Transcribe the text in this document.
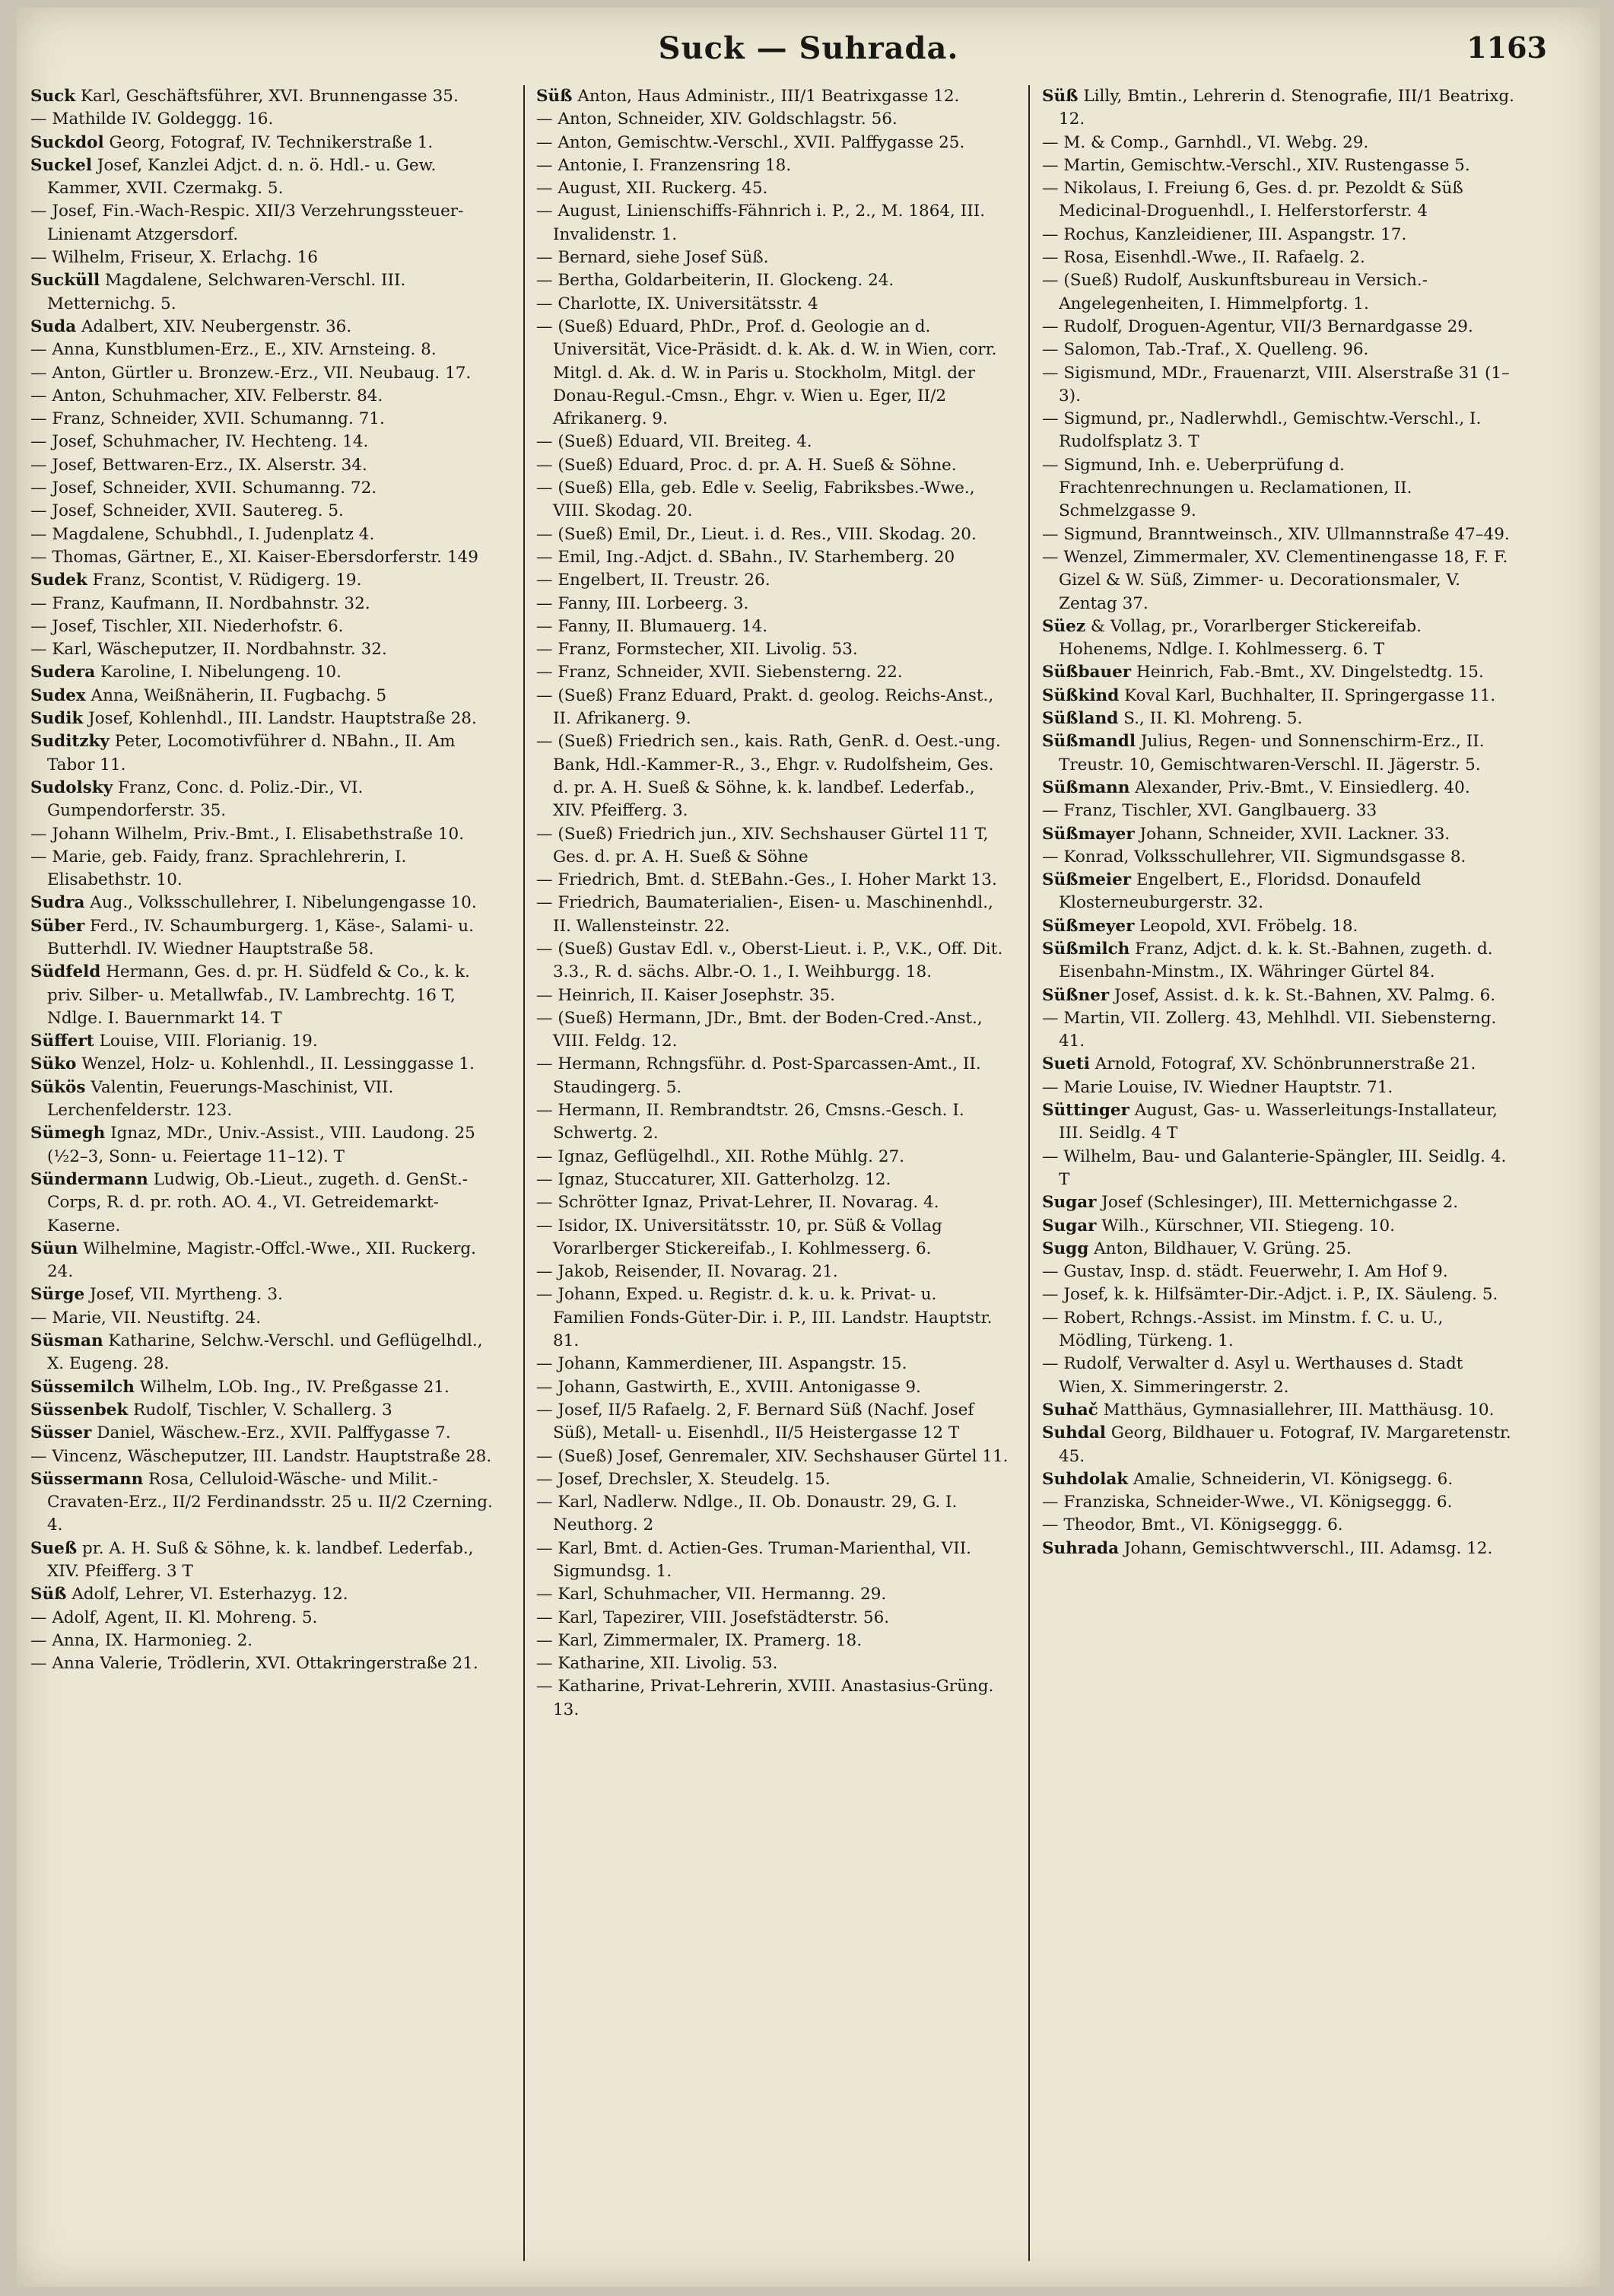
Suck — Suhrada.	1163
Suck Karl, Geschäftsführer, XVI. Brunnengasse 35.
— Mathilde IV. Goldeggg. 16.
Suckdol Georg, Fotograf, IV. Technikerstraße 1.
Suckel Josef, Kanzlei Adjct. d. n. ö. Hdl.- u. Gew. Kammer, XVII. Czermakg. 5.
— Josef, Fin.-Wach-Respic. XII/3 Verzehrungssteuer-Linienamt Atzgersdorf.
— Wilhelm, Friseur, X. Erlachg. 16
Sucküll Magdalene, Selchwaren-Verschl. III. Metternichg. 5.
Suda Adalbert, XIV. Neubergenstr. 36.
— Anna, Kunstblumen-Erz., E., XIV. Arnsteing. 8.
— Anton, Gürtler u. Bronzew.-Erz., VII. Neubaug. 17.
— Anton, Schuhmacher, XIV. Felberstr. 84.
— Franz, Schneider, XVII. Schumanng. 71.
— Josef, Schuhmacher, IV. Hechteng. 14.
— Josef, Bettwaren-Erz., IX. Alserstr. 34.
— Josef, Schneider, XVII. Schumanng. 72.
— Josef, Schneider, XVII. Sautereg. 5.
— Magdalene, Schubhdl., I. Judenplatz 4.
— Thomas, Gärtner, E., XI. Kaiser-Ebersdorferstr. 149
Sudek Franz, Scontist, V. Rüdigerg. 19.
— Franz, Kaufmann, II. Nordbahnstr. 32.
— Josef, Tischler, XII. Niederhofstr. 6.
— Karl, Wäscheputzer, II. Nordbahnstr. 32.
Sudera Karoline, I. Nibelungeng. 10.
Sudex Anna, Weißnäherin, II. Fugbachg. 5
Sudik Josef, Kohlenhdl., III. Landstr. Hauptstraße 28.
Suditzky Peter, Locomotivführer d. NBahn., II. Am Tabor 11.
Sudolsky Franz, Conc. d. Poliz.-Dir., VI. Gumpendorferstr. 35.
— Johann Wilhelm, Priv.-Bmt., I. Elisabethstraße 10.
— Marie, geb. Faidy, franz. Sprachlehrerin, I. Elisabethstr. 10.
Sudra Aug., Volksschullehrer, I. Nibelungengasse 10.
Süber Ferd., IV. Schaumburgerg. 1, Käse-, Salami- u. Butterhdl. IV. Wiedner Hauptstraße 58.
Südfeld Hermann, Ges. d. pr. H. Südfeld & Co., k. k. priv. Silber- u. Metallwfab., IV. Lambrechtg. 16 T, Ndlge. I. Bauernmarkt 14. T
Süffert Louise, VIII. Florianig. 19.
Süko Wenzel, Holz- u. Kohlenhdl., II. Lessinggasse 1.
Sükös Valentin, Feuerungs-Maschinist, VII. Lerchenfelderstr. 123.
Sümegh Ignaz, MDr., Univ.-Assist., VIII. Laudong. 25 (½2–3, Sonn- u. Feiertage 11–12). T
Sündermann Ludwig, Ob.-Lieut., zugeth. d. GenSt.-Corps, R. d. pr. roth. AO. 4., VI. Getreidemarkt-Kaserne.
Süun Wilhelmine, Magistr.-Offcl.-Wwe., XII. Ruckerg. 24.
Sürge Josef, VII. Myrtheng. 3.
— Marie, VII. Neustiftg. 24.
Süsman Katharine, Selchw.-Verschl. und Geflügelhdl., X. Eugeng. 28.
Süssemilch Wilhelm, LOb. Ing., IV. Preßgasse 21.
Süssenbek Rudolf, Tischler, V. Schallerg. 3
Süsser Daniel, Wäschew.-Erz., XVII. Palffygasse 7.
— Vincenz, Wäscheputzer, III. Landstr. Hauptstraße 28.
Süssermann Rosa, Celluloid-Wäsche- und Milit.-Cravaten-Erz., II/2 Ferdinandsstr. 25 u. II/2 Czerning. 4.
Sueß pr. A. H. Suß & Söhne, k. k. landbef. Lederfab., XIV. Pfeifferg. 3 T
Süß Adolf, Lehrer, VI. Esterhazyg. 12.
— Adolf, Agent, II. Kl. Mohreng. 5.
— Anna, IX. Harmonieg. 2.
— Anna Valerie, Trödlerin, XVI. Ottakringerstraße 21.
Süß Anton, Haus Administr., III/1 Beatrixgasse 12.
— Anton, Schneider, XIV. Goldschlagstr. 56.
— Anton, Gemischtw.-Verschl., XVII. Palffygasse 25.
— Antonie, I. Franzensring 18.
— August, XII. Ruckerg. 45.
— August, Linienschiffs-Fähnrich i. P., 2., M. 1864, III. Invalidenstr. 1.
— Bernard, siehe Josef Süß.
— Bertha, Goldarbeiterin, II. Glockeng. 24.
— Charlotte, IX. Universitätsstr. 4
— (Sueß) Eduard, PhDr., Prof. d. Geologie an d. Universität, Vice-Präsidt. d. k. Ak. d. W. in Wien, corr. Mitgl. d. Ak. d. W. in Paris u. Stockholm, Mitgl. der Donau-Regul.-Cmsn., Ehgr. v. Wien u. Eger, II/2 Afrikanerg. 9.
— (Sueß) Eduard, VII. Breiteg. 4.
— (Sueß) Eduard, Proc. d. pr. A. H. Sueß & Söhne.
— (Sueß) Ella, geb. Edle v. Seelig, Fabriksbes.-Wwe., VIII. Skodag. 20.
— (Sueß) Emil, Dr., Lieut. i. d. Res., VIII. Skodag. 20.
— Emil, Ing.-Adjct. d. SBahn., IV. Starhemberg. 20
— Engelbert, II. Treustr. 26.
— Fanny, III. Lorbeerg. 3.
— Fanny, II. Blumauerg. 14.
— Franz, Formstecher, XII. Livolig. 53.
— Franz, Schneider, XVII. Siebensterng. 22.
— (Sueß) Franz Eduard, Prakt. d. geolog. Reichs-Anst., II. Afrikanerg. 9.
— (Sueß) Friedrich sen., kais. Rath, GenR. d. Oest.-ung. Bank, Hdl.-Kammer-R., 3., Ehgr. v. Rudolfsheim, Ges. d. pr. A. H. Sueß & Söhne, k. k. landbef. Lederfab., XIV. Pfeifferg. 3.
— (Sueß) Friedrich jun., XIV. Sechshauser Gürtel 11 T, Ges. d. pr. A. H. Sueß & Söhne
— Friedrich, Bmt. d. StEBahn.-Ges., I. Hoher Markt 13.
— Friedrich, Baumaterialien-, Eisen- u. Maschinenhdl., II. Wallensteinstr. 22.
— (Sueß) Gustav Edl. v., Oberst-Lieut. i. P., V.K., Off. Dit. 3.3., R. d. sächs. Albr.-O. 1., I. Weihburgg. 18.
— Heinrich, II. Kaiser Josephstr. 35.
— (Sueß) Hermann, JDr., Bmt. der Boden-Cred.-Anst., VIII. Feldg. 12.
— Hermann, Rchngsführ. d. Post-Sparcassen-Amt., II. Staudingerg. 5.
— Hermann, II. Rembrandtstr. 26, Cmsns.-Gesch. I. Schwertg. 2.
— Ignaz, Geflügelhdl., XII. Rothe Mühlg. 27.
— Ignaz, Stuccaturer, XII. Gatterholzg. 12.
— Schrötter Ignaz, Privat-Lehrer, II. Novarag. 4.
— Isidor, IX. Universitätsstr. 10, pr. Süß & Vollag Vorarlberger Stickereifab., I. Kohlmesserg. 6.
— Jakob, Reisender, II. Novarag. 21.
— Johann, Exped. u. Registr. d. k. u. k. Privat- u. Familien Fonds-Güter-Dir. i. P., III. Landstr. Hauptstr. 81.
— Johann, Kammerdiener, III. Aspangstr. 15.
— Johann, Gastwirth, E., XVIII. Antonigasse 9.
— Josef, II/5 Rafaelg. 2, F. Bernard Süß (Nachf. Josef Süß), Metall- u. Eisenhdl., II/5 Heistergasse 12 T
— (Sueß) Josef, Genremaler, XIV. Sechshauser Gürtel 11.
— Josef, Drechsler, X. Steudelg. 15.
— Karl, Nadlerw. Ndlge., II. Ob. Donaustr. 29, G. I. Neuthorg. 2
— Karl, Bmt. d. Actien-Ges. Truman-Marienthal, VII. Sigmundsg. 1.
— Karl, Schuhmacher, VII. Hermanng. 29.
— Karl, Tapezirer, VIII. Josefstädterstr. 56.
— Karl, Zimmermaler, IX. Pramerg. 18.
— Katharine, XII. Livolig. 53.
— Katharine, Privat-Lehrerin, XVIII. Anastasius-Grüng. 13.
Süß Lilly, Bmtin., Lehrerin d. Stenografie, III/1 Beatrixg. 12.
— M. & Comp., Garnhdl., VI. Webg. 29.
— Martin, Gemischtw.-Verschl., XIV. Rustengasse 5.
— Nikolaus, I. Freiung 6, Ges. d. pr. Pezoldt & Süß Medicinal-Droguenhdl., I. Helferstorferstr. 4
— Rochus, Kanzleidiener, III. Aspangstr. 17.
— Rosa, Eisenhdl.-Wwe., II. Rafaelg. 2.
— (Sueß) Rudolf, Auskunftsbureau in Versich.-Angelegenheiten, I. Himmelpfortg. 1.
— Rudolf, Droguen-Agentur, VII/3 Bernardgasse 29.
— Salomon, Tab.-Traf., X. Quelleng. 96.
— Sigismund, MDr., Frauenarzt, VIII. Alserstraße 31 (1–3).
— Sigmund, pr., Nadlerwhdl., Gemischtw.-Verschl., I. Rudolfsplatz 3. T
— Sigmund, Inh. e. Ueberprüfung d. Frachtenrechnungen u. Reclamationen, II. Schmelzgasse 9.
— Sigmund, Branntweinsch., XIV. Ullmannstraße 47–49.
— Wenzel, Zimmermaler, XV. Clementinengasse 18, F. F. Gizel & W. Süß, Zimmer- u. Decorationsmaler, V. Zentag 37.
Süez & Vollag, pr., Vorarlberger Stickereifab. Hohenems, Ndlge. I. Kohlmesserg. 6. T
Süßbauer Heinrich, Fab.-Bmt., XV. Dingelstedtg. 15.
Süßkind Koval Karl, Buchhalter, II. Springergasse 11.
Süßland S., II. Kl. Mohreng. 5.
Süßmandl Julius, Regen- und Sonnenschirm-Erz., II. Treustr. 10, Gemischtwaren-Verschl. II. Jägerstr. 5.
Süßmann Alexander, Priv.-Bmt., V. Einsiedlerg. 40.
— Franz, Tischler, XVI. Ganglbauerg. 33
Süßmayer Johann, Schneider, XVII. Lackner. 33.
— Konrad, Volksschullehrer, VII. Sigmundsgasse 8.
Süßmeier Engelbert, E., Floridsd. Donaufeld Klosterneuburgerstr. 32.
Süßmeyer Leopold, XVI. Fröbelg. 18.
Süßmilch Franz, Adjct. d. k. k. St.-Bahnen, zugeth. d. Eisenbahn-Minstm., IX. Währinger Gürtel 84.
Süßner Josef, Assist. d. k. k. St.-Bahnen, XV. Palmg. 6.
— Martin, VII. Zollerg. 43, Mehlhdl. VII. Siebensterng. 41.
Sueti Arnold, Fotograf, XV. Schönbrunnerstraße 21.
— Marie Louise, IV. Wiedner Hauptstr. 71.
Süttinger August, Gas- u. Wasserleitungs-Installateur, III. Seidlg. 4 T
— Wilhelm, Bau- und Galanterie-Spängler, III. Seidlg. 4. T
Sugar Josef (Schlesinger), III. Metternichgasse 2.
Sugar Wilh., Kürschner, VII. Stiegeng. 10.
Sugg Anton, Bildhauer, V. Grüng. 25.
— Gustav, Insp. d. städt. Feuerwehr, I. Am Hof 9.
— Josef, k. k. Hilfsämter-Dir.-Adjct. i. P., IX. Säuleng. 5.
— Robert, Rchngs.-Assist. im Minstm. f. C. u. U., Mödling, Türkeng. 1.
— Rudolf, Verwalter d. Asyl u. Werthauses d. Stadt Wien, X. Simmeringerstr. 2.
Suhač Matthäus, Gymnasiallehrer, III. Matthäusg. 10.
Suhdal Georg, Bildhauer u. Fotograf, IV. Margaretenstr. 45.
Suhdolak Amalie, Schneiderin, VI. Königsegg. 6.
— Franziska, Schneider-Wwe., VI. Königseggg. 6.
— Theodor, Bmt., VI. Königseggg. 6.
Suhrada Johann, Gemischtwverschl., III. Adamsg. 12.
